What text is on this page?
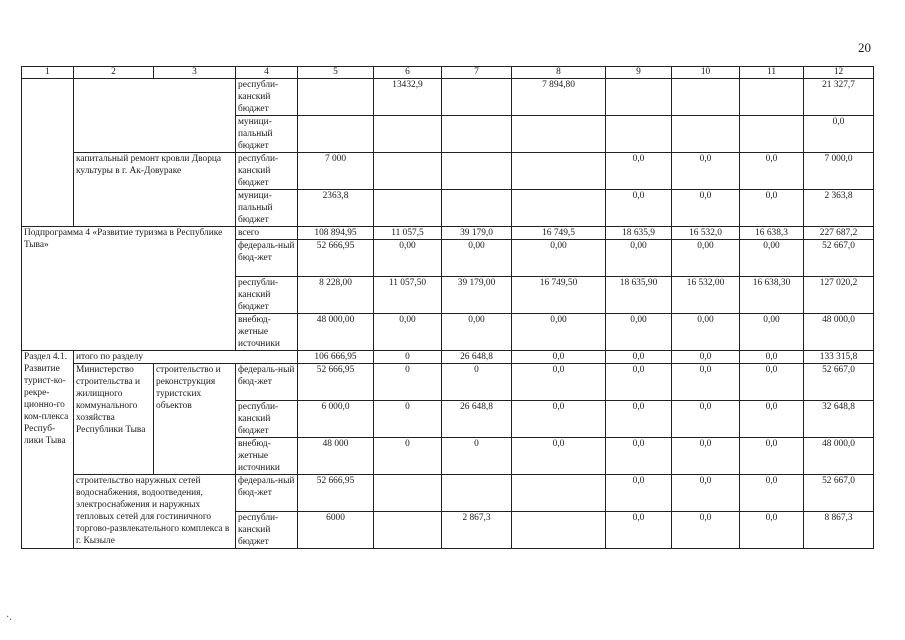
20
1	2	3	4	5	6	7	8	9	10	11	12
			республи-канский бюджет		13432,9		7 894,80				21 327,7
			муници-пальный бюджет								0,0
	капитальный ремонт кровли Дворца культуры в г. Ак-Довураке		республи-канский бюджет	7 000				0,0	0,0	0,0	7 000,0
			муници-пальный бюджет	2363,8				0,0	0,0	0,0	2 363,8
Подпрограмма 4 «Развитие туризма в Республике Тыва»			всего	108 894,95	11 057,5	39 179,0	16 749,5	18 635,9	16 532,0	16 638,3	227 687,2
			федераль-ный бюд-жет	52 666,95	0,00	0,00	0,00	0,00	0,00	0,00	52 667,0
			республи-канский бюджет	8 228,00	11 057,50	39 179,00	16 749,50	18 635,90	16 532,00	16 638,30	127 020,2
			внебюд-жетные источники	48 000,00	0,00	0,00	0,00	0,00	0,00	0,00	48 000,0
Раздел 4.1. Развитие турист-ко-рекре-ционно-го ком-плекса Респуб-лики Тыва	итого по разделу			106 666,95	0	26 648,8	0,0	0,0	0,0	0,0	133 315,8
	Министерство строительства и жилищного коммунального хозяйства Республики Тыва	строительство и реконструкция туристских объектов	федераль-ный бюд-жет	52 666,95	0	0	0,0	0,0	0,0	0,0	52 667,0
			республи-канский бюджет	6 000,0	0	26 648,8	0,0	0,0	0,0	0,0	32 648,8
			внебюд-жетные источники	48 000	0	0	0,0	0,0	0,0	0,0	48 000,0
	строительство наружных сетей водоснабжения, водоотведения, электроснабжения и наружных тепловых сетей для гостиничного торгово-развлекательного комплекса в г. Кызыле		федераль-ный бюд-жет	52 666,95				0,0	0,0	0,0	52 667,0
			республи-канский бюджет	6000		2 867,3		0,0	0,0	0,0	8 867,3
·.
